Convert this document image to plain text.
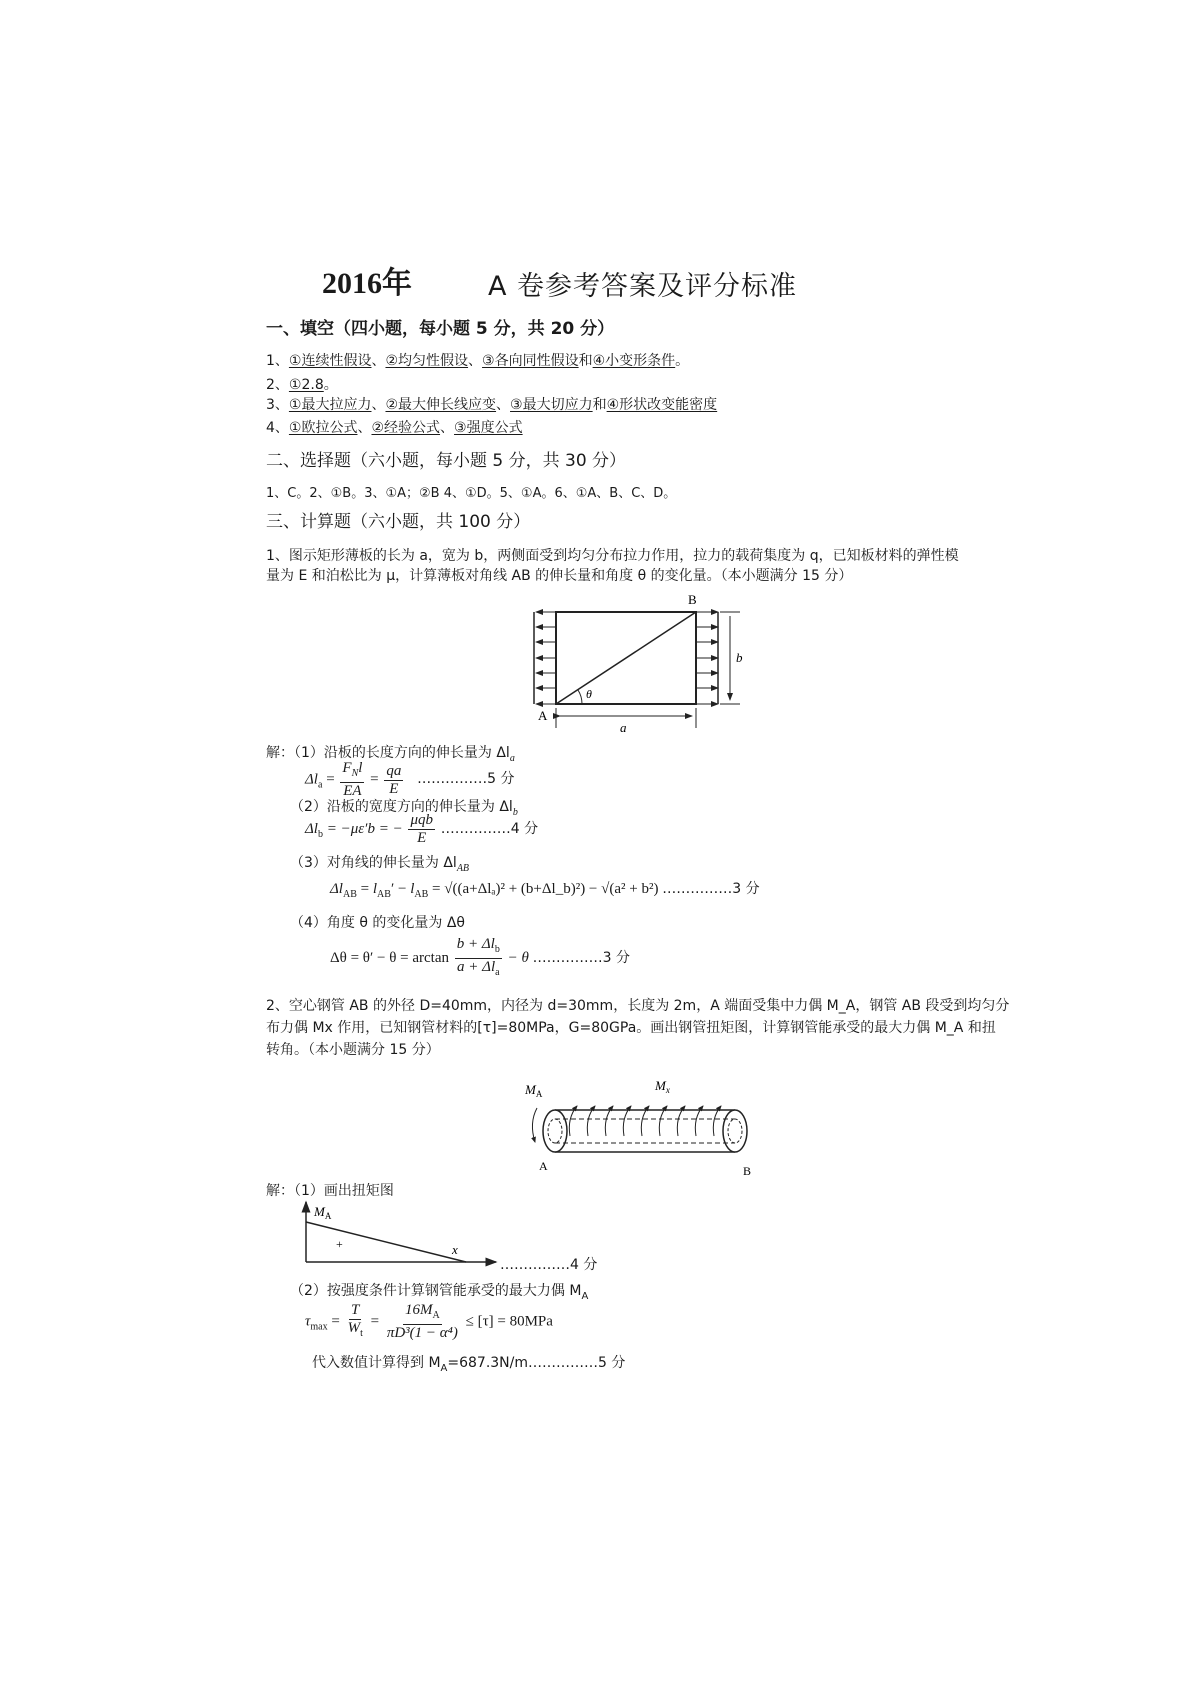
2016年	A 卷参考答案及评分标准
一、填空（四小题，每小题 5 分，共 20 分）
1、①连续性假设、②均匀性假设、③各向同性假设和④小变形条件。
2、①2.8。
3、①最大拉应力、②最大伸长线应变、③最大切应力和④形状改变能密度
4、①欧拉公式、②经验公式、③强度公式
二、选择题（六小题，每小题 5 分，共 30 分）
1、C。2、①B。3、①A；②B 4、①D。5、①A。6、①A、B、C、D。
三、计算题（六小题，共 100 分）
1、图示矩形薄板的长为 a，宽为 b，两侧面受到均匀分布拉力作用，拉力的载荷集度为 q，已知板材料的弹性模
量为 E 和泊松比为 μ，计算薄板对角线 AB 的伸长量和角度 θ 的变化量。（本小题满分 15 分）
θ
A
B
a
b
解：（1）沿板的长度方向的伸长量为 $\Delta l_a$
$\Delta l_a = \frac{F_Nl}{EA} = \frac{qa}{E}$ ……………5 分
（2）沿板的宽度方向的伸长量为 $\Delta l_b$
$\Delta l_b = -\mu\varepsilon'b$ = − $\frac{\text{μqb}}{E}$ ……………4 分
（3）对角线的伸长量为 $\Delta l_{AB}$
$\Delta l_{AB} = l_{AB}' - l_{AB} = √((a+\Delta l_a)^2$ + (b+Δl_b)²) − √(a² + b²) ……………3 分
（4）角度 θ 的变化量为 Δθ
$\Delta\theta = \theta' - \theta = \arctan \frac{b + \Delta l_b}{a + \Delta l_a} - \theta$ ……………3 分
2、空心钢管 AB 的外径 D=40mm，内径为 d=30mm，长度为 2m，A 端面受集中力偶 M_A，钢管 AB 段受到均匀分
布力偶 Mx 作用，已知钢管材料的[τ]=80MPa，G=80GPa。画出钢管扭矩图，计算钢管能承受的最大力偶 M_A 和扭
转角。（本小题满分 15 分）
$M_A$
$M_x$
A	B
解：（1）画出扭矩图
$M_A$
+	x
……………4 分
（2）按强度条件计算钢管能承受的最大力偶 $M_A$
$\tau_{max} = \frac{T}{W_t} = \frac{16M_A}{\text{πD³(1 − α⁴)}} \le [\tau] = 80MPa$
代入数值计算得到 $M_A=687.3N/m\dots\dots\dots\dots\dots 5$ 分
